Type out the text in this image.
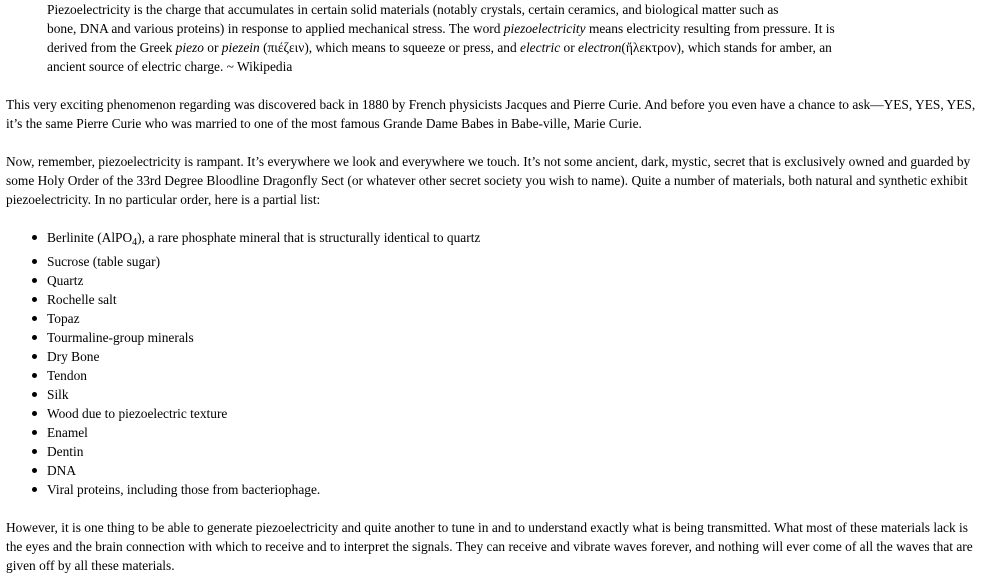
Piezoelectricity is the charge that accumulates in certain solid materials (notably crystals, certain ceramics, and biological matter such as
bone, DNA and various proteins) in response to applied mechanical stress. The word piezoelectricity means electricity resulting from pressure. It is
derived from the Greek piezo or piezein (πιέζειν), which means to squeeze or press, and electric or electron(ἤλεκτρον), which stands for amber, an
ancient source of electric charge. ~ Wikipedia

This very exciting phenomenon regarding was discovered back in 1880 by French physicists Jacques and Pierre Curie. And before you even have a chance to ask—YES, YES, YES, it’s the same Pierre Curie who was married to one of the most famous Grande Dame Babes in Babe-ville, Marie Curie.

Now, remember, piezoelectricity is rampant. It’s everywhere we look and everywhere we touch. It’s not some ancient, dark, mystic, secret that is exclusively owned and guarded by some Holy Order of the 33rd Degree Bloodline Dragonfly Sect (or whatever other secret society you wish to name). Quite a number of materials, both natural and synthetic exhibit piezoelectricity. In no particular order, here is a partial list:

Berlinite (AlPO$_4$), a rare phosphate mineral that is structurally identical to quartz
Sucrose (table sugar)
Quartz
Rochelle salt
Topaz
Tourmaline-group minerals
Dry Bone
Tendon
Silk
Wood due to piezoelectric texture
Enamel
Dentin
DNA
Viral proteins, including those from bacteriophage.

However, it is one thing to be able to generate piezoelectricity and quite another to tune in and to understand exactly what is being transmitted. What most of these materials lack is the eyes and the brain connection with which to receive and to interpret the signals. They can receive and vibrate waves forever, and nothing will ever come of all the waves that are given off by all these materials.
